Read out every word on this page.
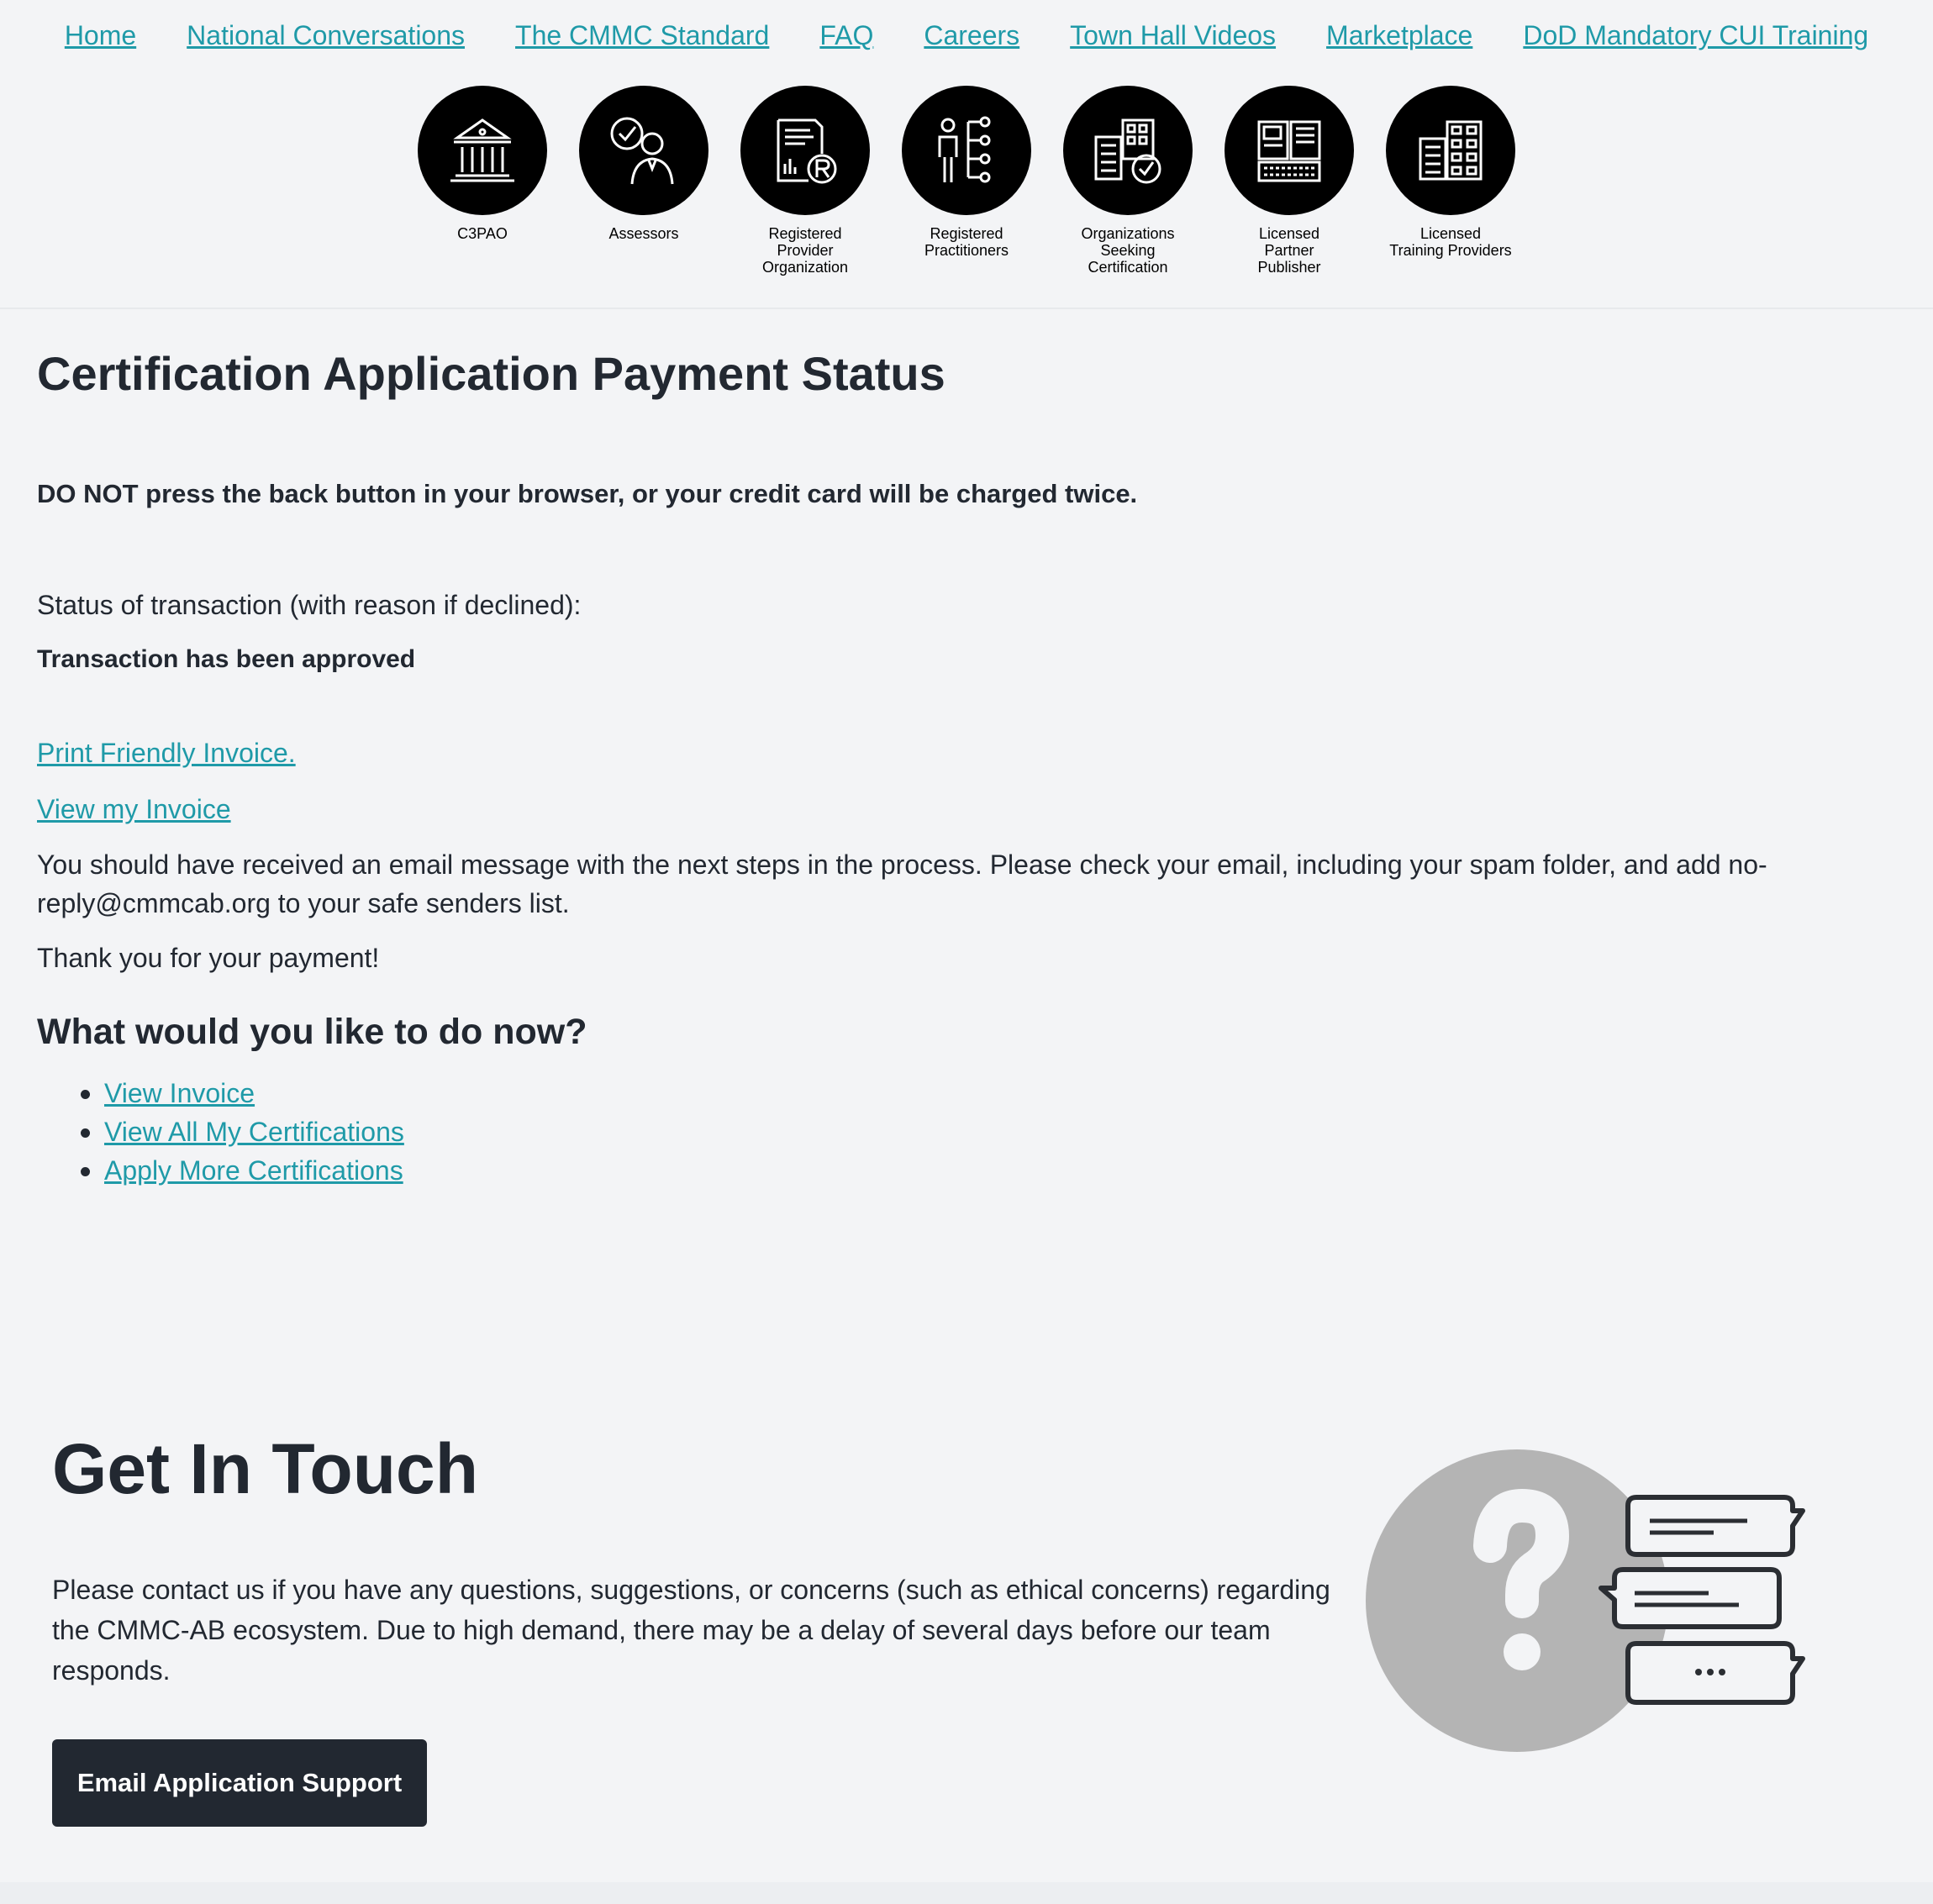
Home National Conversations The CMMC Standard FAQ Careers Town Hall Videos Marketplace DoD Mandatory CUI Training
C3PAO	Assessors	Registered
Provider
Organization
Registered
Practitioners
Organizations
Seeking
Certification
Licensed
Partner
Publisher
Licensed
Training Providers
Certification Application Payment Status

DO NOT press the back button in your browser, or your credit card will be charged twice.

Status of transaction (with reason if declined):

Transaction has been approved

Print Friendly Invoice.
View my Invoice

You should have received an email message with the next steps in the process. Please check your email, including your spam folder, and add no-reply@cmmcab.org to your safe senders list.

Thank you for your payment!

What would you like to do now?
View Invoice
View All My Certifications
Apply More Certifications
Get In Touch

Please contact us if you have any questions, suggestions, or concerns (such as ethical concerns) regarding the CMMC-AB ecosystem. Due to high demand, there may be a delay of several days before our team responds.

Email Application Support
